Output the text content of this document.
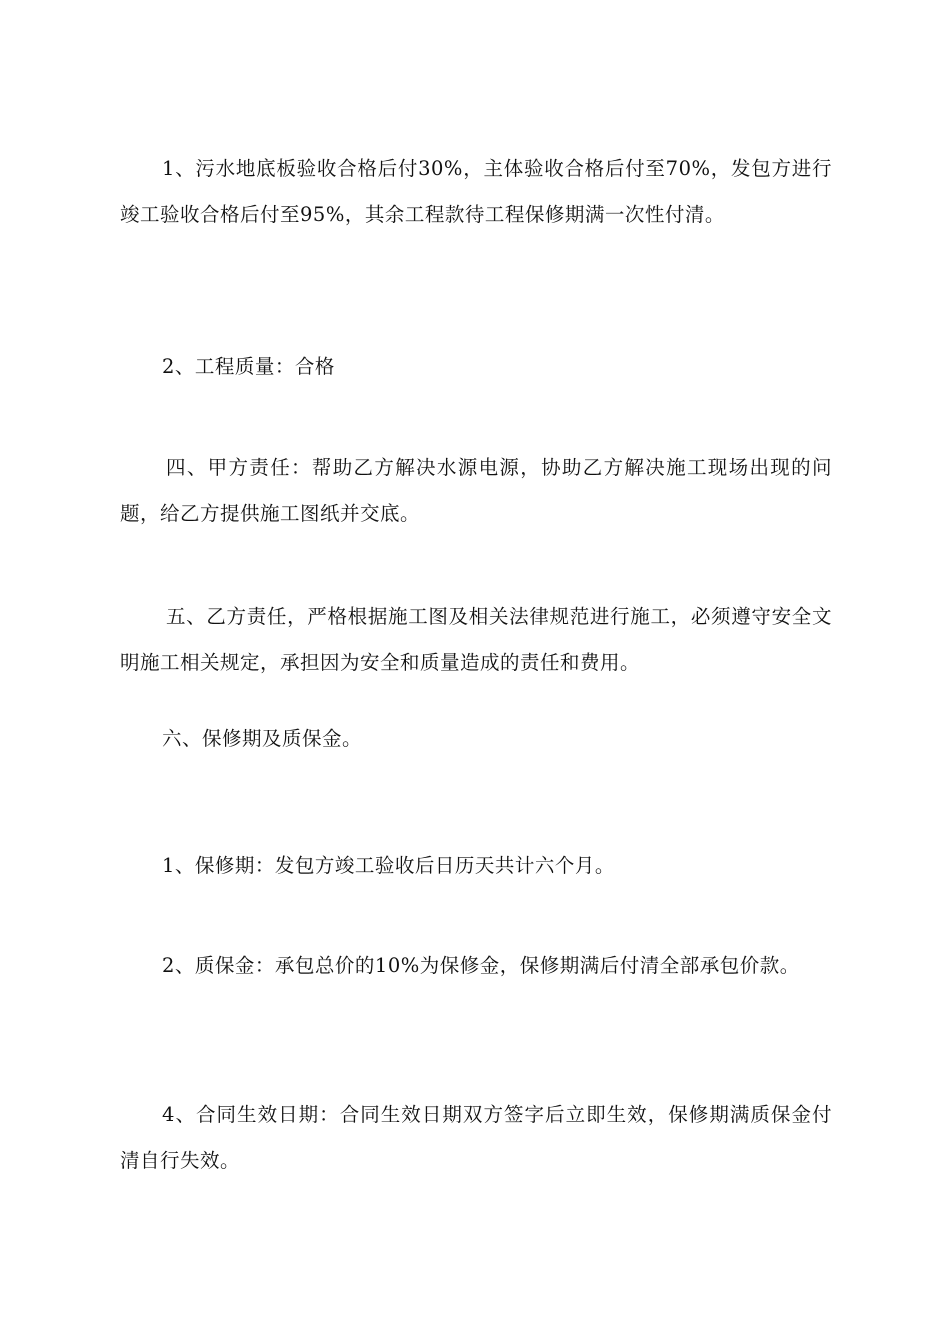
1、污水地底板验收合格后付30%，主体验收合格后付至70%，发包方进行竣工验收合格后付至95%，其余工程款待工程保修期满一次性付清。

2、工程质量：合格

四、甲方责任：帮助乙方解决水源电源，协助乙方解决施工现场出现的问题，给乙方提供施工图纸并交底。

五、乙方责任，严格根据施工图及相关法律规范进行施工，必须遵守安全文明施工相关规定，承担因为安全和质量造成的责任和费用。

六、保修期及质保金。

1、保修期：发包方竣工验收后日历天共计六个月。

2、质保金：承包总价的10%为保修金，保修期满后付清全部承包价款。

4、合同生效日期：合同生效日期双方签字后立即生效，保修期满质保金付清自行失效。
